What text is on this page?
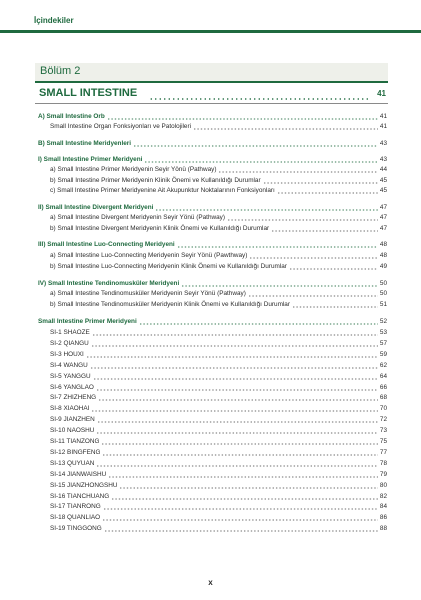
İçindekiler
Bölüm 2
SMALL INTESTINE	41
A) Small Intestine Orb	41
Small Intestine Organ Fonksiyonları ve Patolojileri	41
B) Small Intestine Meridyenleri	43
I) Small Intestine Primer Meridyeni	43
a) Small Intestine Primer Meridyenin Seyir Yönü (Pathway)	44
b) Small Intestine Primer Meridyenin Klinik Önemi ve Kullanıldığı Durumlar	45
c) Small Intestine Primer Meridyenine Ait Akupunktur Noktalarının Fonksiyonları	45
II) Small Intestine Divergent Meridyeni	47
a) Small Intestine Divergent Meridyenin Seyir Yönü (Pathway)	47
b) Small Intestine Divergent Meridyenin Klinik Önemi ve Kullanıldığı Durumlar	47
III) Small Intestine Luo-Connecting Meridyeni	48
a) Small Intestine Luo-Connecting Meridyenin Seyir Yönü (Pawthway)	48
b) Small Intestine Luo-Connecting Meridyenin Klinik Önemi ve Kullanıldığı Durumlar	49
IV) Small Intestine Tendinomusküler Meridyeni	50
a) Small Intestine Tendinomusküler Meridyenin Seyir Yönü (Pathway)	50
b) Small Intestine Tendinomusküler Meridyenin Klinik Önemi ve Kullanıldığı Durumlar	51
Small Intestine Primer Meridyeni	52
SI-1 SHAOZE	53
SI-2 QIANGU	57
SI-3 HOUXI	59
SI-4 WANGU	62
SI-5 YANGGU	64
SI-6 YANGLAO	66
SI-7 ZHIZHENG	68
SI-8 XIAOHAI	70
SI-9 JIANZHEN	72
SI-10 NAOSHU	73
SI-11 TIANZONG	75
SI-12 BINGFENG	77
SI-13 QUYUAN	78
SI-14 JIANWAISHU	79
SI-15 JIANZHONGSHU	80
SI-16 TIANCHUANG	82
SI-17 TIANRONG	84
SI-18 QUANLIAO	86
SI-19 TINGGONG	88
x
